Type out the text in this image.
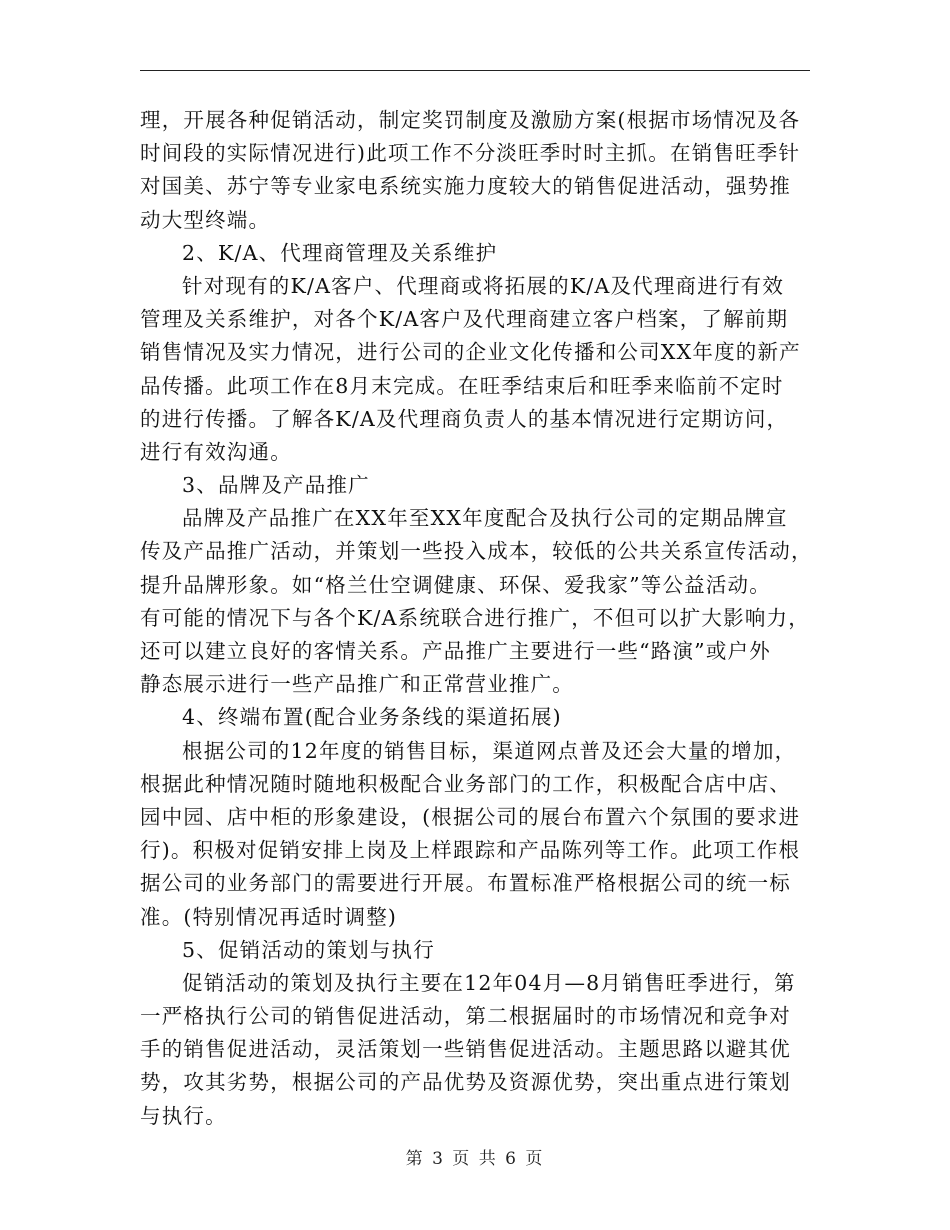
理，开展各种促销活动，制定奖罚制度及激励方案(根据市场情况及各
时间段的实际情况进行)此项工作不分淡旺季时时主抓。在销售旺季针
对国美、苏宁等专业家电系统实施力度较大的销售促进活动，强势推
动大型终端。
2、K/A、代理商管理及关系维护
针对现有的K/A客户、代理商或将拓展的K/A及代理商进行有效
管理及关系维护，对各个K/A客户及代理商建立客户档案，了解前期
销售情况及实力情况，进行公司的企业文化传播和公司XX年度的新产
品传播。此项工作在8月末完成。在旺季结束后和旺季来临前不定时
的进行传播。了解各K/A及代理商负责人的基本情况进行定期访问，
进行有效沟通。
3、品牌及产品推广
品牌及产品推广在XX年至XX年度配合及执行公司的定期品牌宣
传及产品推广活动，并策划一些投入成本，较低的公共关系宣传活动，
提升品牌形象。如“格兰仕空调健康、环保、爱我家”等公益活动。
有可能的情况下与各个K/A系统联合进行推广，不但可以扩大影响力，
还可以建立良好的客情关系。产品推广主要进行一些“路演”或户外
静态展示进行一些产品推广和正常营业推广。
4、终端布置(配合业务条线的渠道拓展)
根据公司的12年度的销售目标，渠道网点普及还会大量的增加，
根据此种情况随时随地积极配合业务部门的工作，积极配合店中店、
园中园、店中柜的形象建设，(根据公司的展台布置六个氛围的要求进
行)。积极对促销安排上岗及上样跟踪和产品陈列等工作。此项工作根
据公司的业务部门的需要进行开展。布置标准严格根据公司的统一标
准。(特别情况再适时调整)
5、促销活动的策划与执行
促销活动的策划及执行主要在12年04月—8月销售旺季进行，第
一严格执行公司的销售促进活动，第二根据届时的市场情况和竞争对
手的销售促进活动，灵活策划一些销售促进活动。主题思路以避其优
势，攻其劣势，根据公司的产品优势及资源优势，突出重点进行策划
与执行。
第 3 页 共 6 页
